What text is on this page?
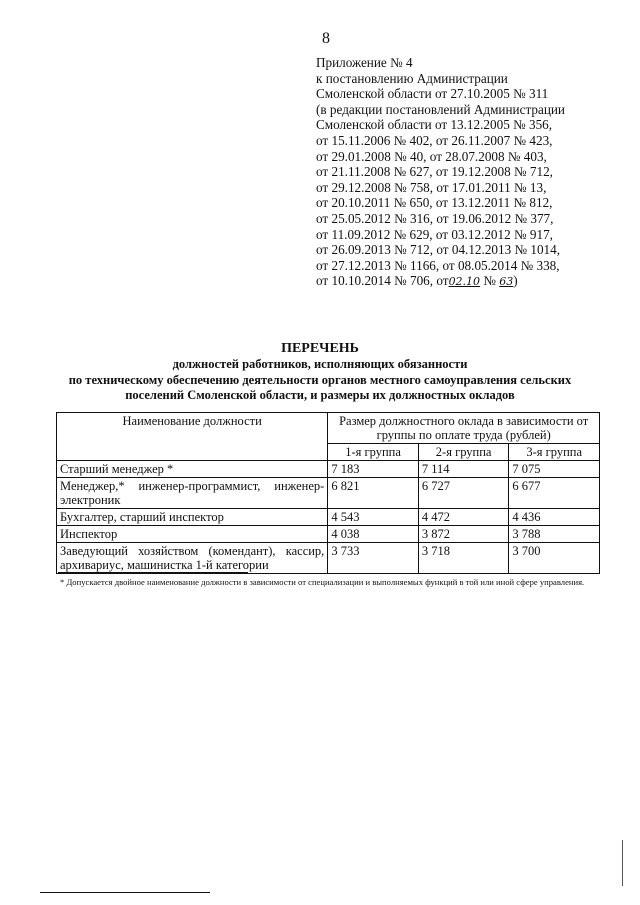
8
Приложение № 4
к постановлению Администрации
Смоленской области от 27.10.2005 № 311
(в редакции постановлений Администрации
Смоленской области от 13.12.2005 № 356,
от 15.11.2006 № 402, от 26.11.2007 № 423,
от 29.01.2008 № 40, от 28.07.2008 № 403,
от 21.11.2008 № 627, от 19.12.2008 № 712,
от 29.12.2008 № 758, от 17.01.2011 № 13,
от 20.10.2011 № 650, от 13.12.2011 № 812,
от 25.05.2012 № 316, от 19.06.2012 № 377,
от 11.09.2012 № 629, от 03.12.2012 № 917,
от 26.09.2013 № 712, от 04.12.2013 № 1014,
от 27.12.2013 № 1166, от 08.05.2014 № 338,
от 10.10.2014 № 706, от02.10 № 63)
ПЕРЕЧЕНЬ
должностей работников, исполняющих обязанности
по техническому обеспечению деятельности органов местного самоуправления сельских
поселений Смоленской области, и размеры их должностных окладов
Наименование должности	Размер должностного оклада в зависимости от группы по оплате труда (рублей)		
	1-я группа	2-я группа	3-я группа
Старший менеджер *	7 183	7 114	7 075
Менеджер,* инженер-программист, инженер-электроник	6 821	6 727	6 677
Бухгалтер, старший инспектор	4 543	4 472	4 436
Инспектор	4 038	3 872	3 788
Заведующий хозяйством (комендант), кассир, архивариус, машинистка 1-й категории	3 733	3 718	3 700
* Допускается двойное наименование должности в зависимости от специализации и выполняемых функций в той или иной сфере управления.
